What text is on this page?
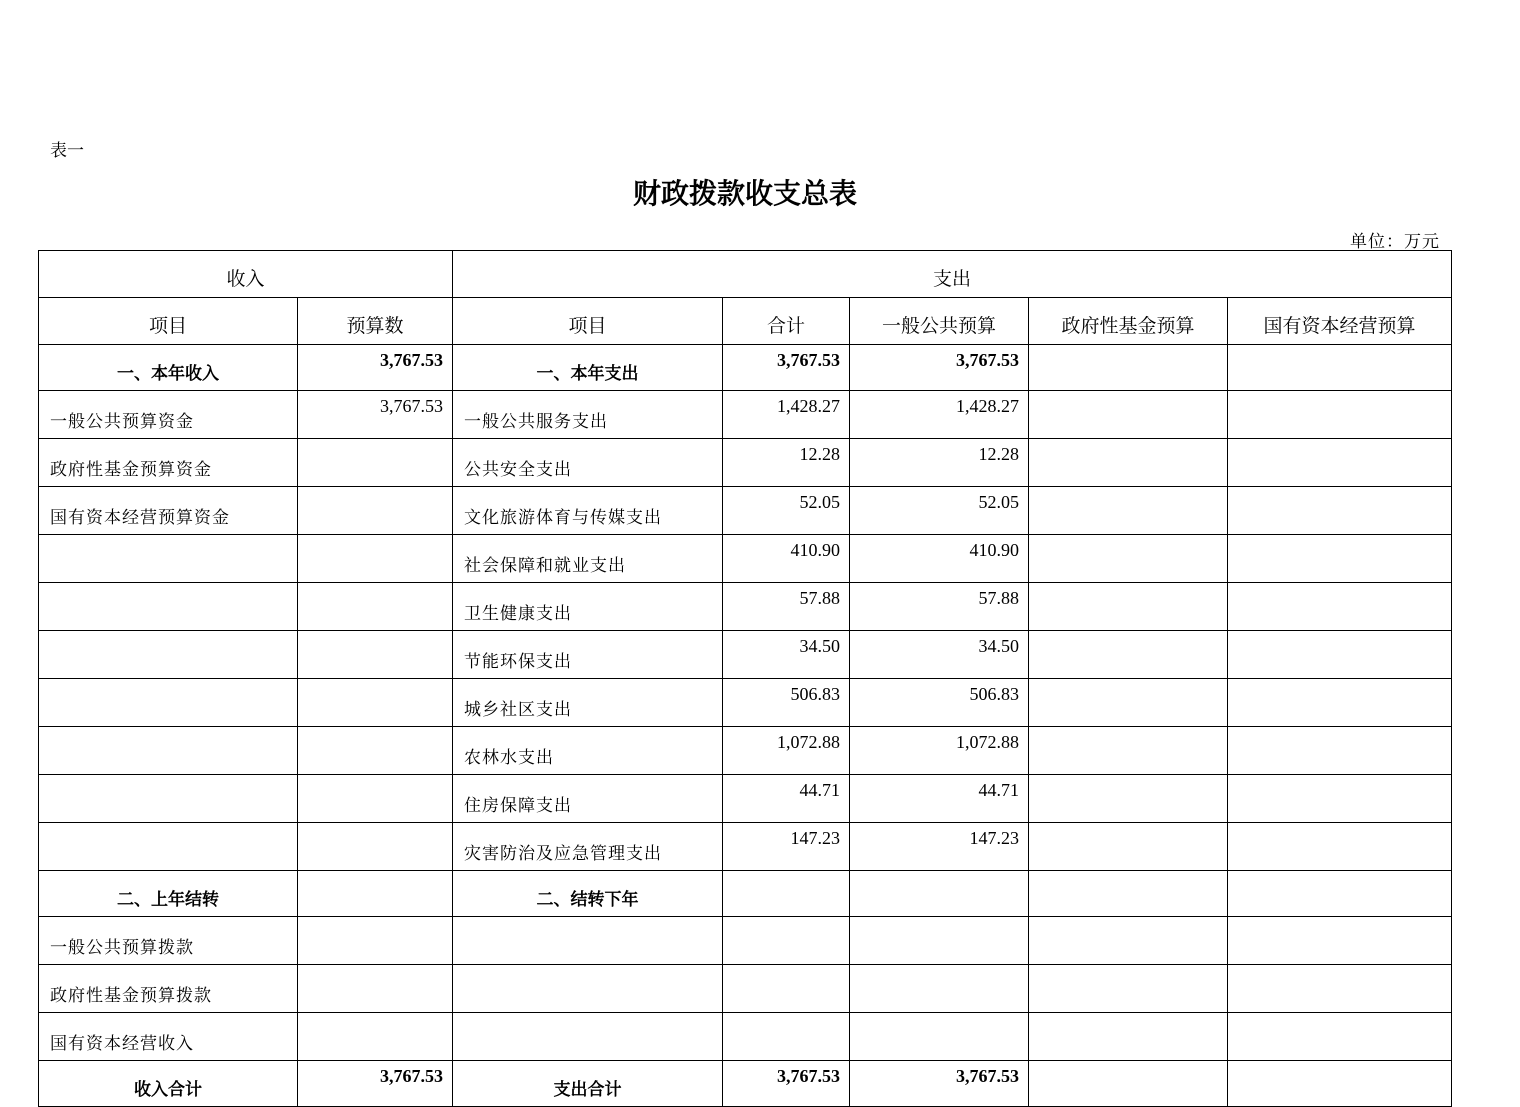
表一
财政拨款收支总表
单位：万元
收入		支出				
项目	预算数	项目	合计	一般公共预算	政府性基金预算	国有资本经营预算
一、本年收入	3,767.53	一、本年支出	3,767.53	3,767.53		
一般公共预算资金	3,767.53	一般公共服务支出	1,428.27	1,428.27		
政府性基金预算资金		公共安全支出	12.28	12.28		
国有资本经营预算资金		文化旅游体育与传媒支出	52.05	52.05		
		社会保障和就业支出	410.90	410.90		
		卫生健康支出	57.88	57.88		
		节能环保支出	34.50	34.50		
		城乡社区支出	506.83	506.83		
		农林水支出	1,072.88	1,072.88		
		住房保障支出	44.71	44.71		
		灾害防治及应急管理支出	147.23	147.23		
二、上年结转		二、结转下年				
一般公共预算拨款						
政府性基金预算拨款						
国有资本经营收入						
收入合计	3,767.53	支出合计	3,767.53	3,767.53		
